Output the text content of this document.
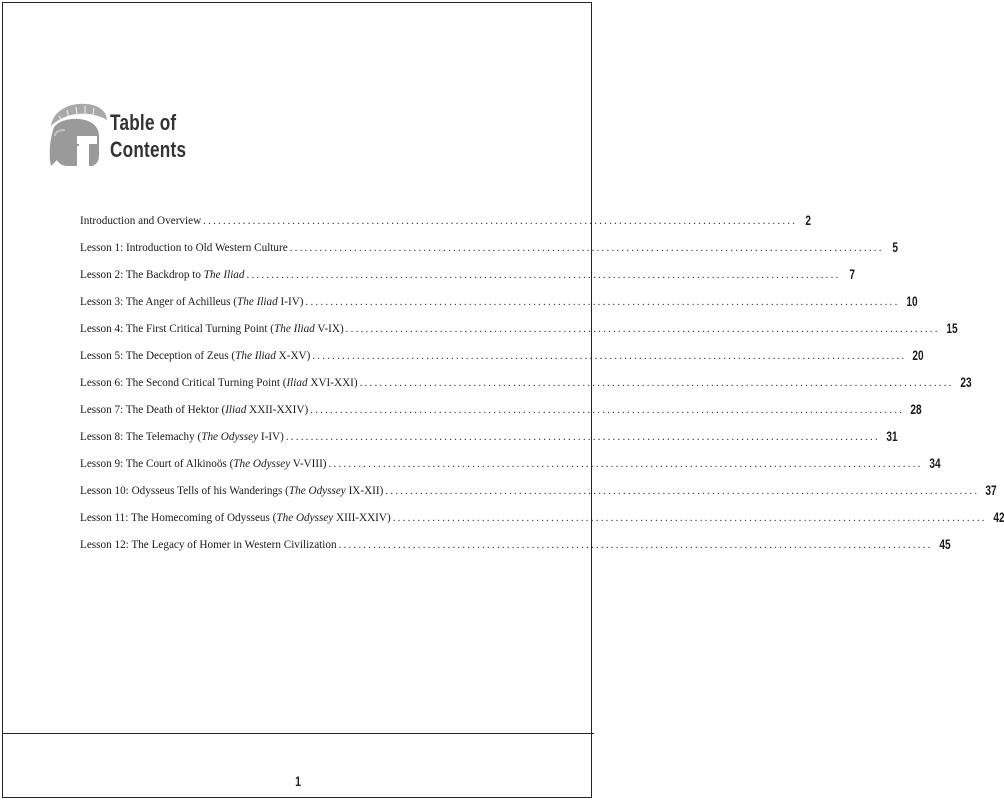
Table of
Contents
Introduction and Overview ........................................................................................................................ 2
Lesson 1: Introduction to Old Western Culture ........................................................................................................................ 5
Lesson 2: The Backdrop to The Iliad ........................................................................................................................ 7
Lesson 3: The Anger of Achilleus (The Iliad I-IV) ........................................................................................................................ 10
Lesson 4: The First Critical Turning Point (The Iliad V-IX) ........................................................................................................................ 15
Lesson 5: The Deception of Zeus (The Iliad X-XV) ........................................................................................................................ 20
Lesson 6: The Second Critical Turning Point (Iliad XVI-XXI) ........................................................................................................................ 23
Lesson 7: The Death of Hektor (Iliad XXII-XXIV) ........................................................................................................................ 28
Lesson 8: The Telemachy (The Odyssey I-IV) ........................................................................................................................ 31
Lesson 9: The Court of Alkinoös (The Odyssey V-VIII) ........................................................................................................................ 34
Lesson 10: Odysseus Tells of his Wanderings (The Odyssey IX-XII) ........................................................................................................................ 37
Lesson 11: The Homecoming of Odysseus (The Odyssey XIII-XXIV) ........................................................................................................................ 42
Lesson 12: The Legacy of Homer in Western Civilization ........................................................................................................................ 45
1
